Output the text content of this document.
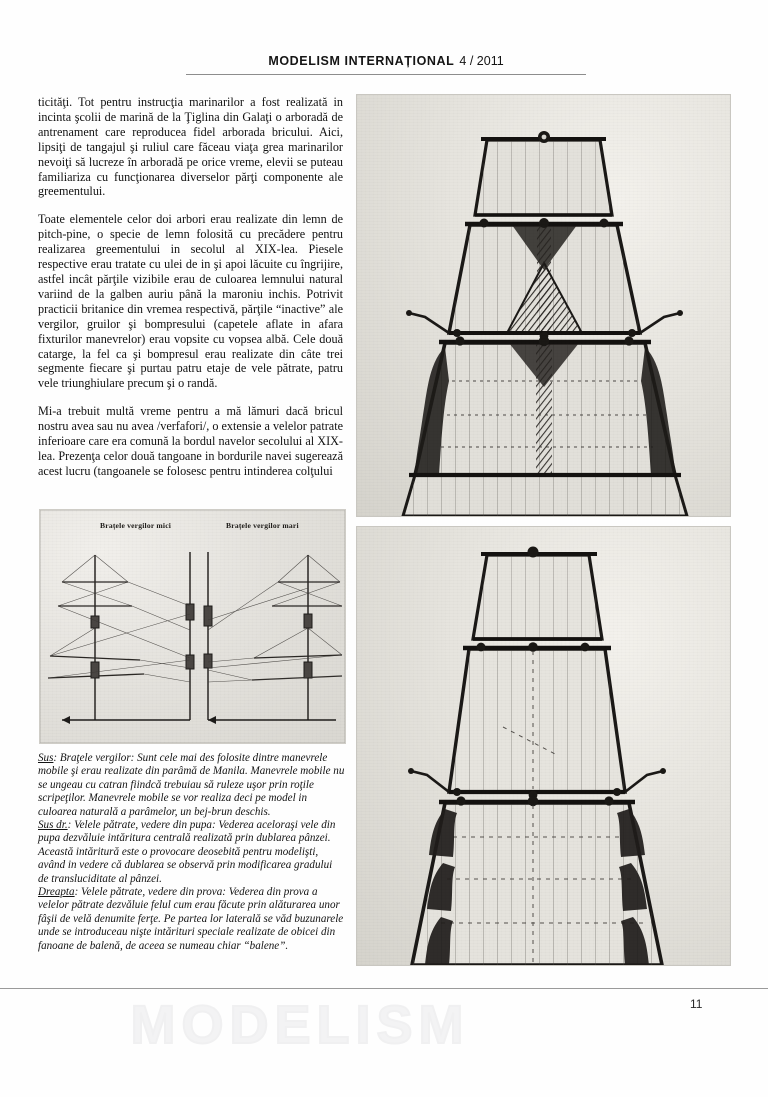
MODELISM INTERNAȚIONAL 4 / 2011

ticităţi. Tot pentru instrucţia marinarilor a fost realizată in incinta şcolii de marină de la Ţiglina din Galaţi o arboradă de antrenament care reproducea fidel arborada bricului. Aici, lipsiţi de tangajul şi ruliul care făceau viaţa grea marinarilor nevoiţi să lucreze în arboradă pe orice vreme, elevii se puteau familiariza cu funcţionarea diverselor părţi componente ale greementului.

Toate elementele celor doi arbori erau realizate din lemn de pitch-pine, o specie de lemn folosită cu precădere pentru realizarea greementului in secolul al XIX-lea. Piesele respective erau tratate cu ulei de in şi apoi lăcuite cu îngrijire, astfel incât părţile vizibile erau de culoarea lemnului natural variind de la galben auriu până la maroniu inchis. Potrivit practicii britanice din vremea respectivă, părţile “inactive” ale vergilor, gruilor şi bompresului (capetele aflate in afara fixturilor manevrelor) erau vopsite cu vopsea albă. Cele două catarge, la fel ca şi bompresul erau realizate din câte trei segmente fiecare şi purtau patru etaje de vele pătrate, patru vele triunghiulare precum şi o randă.

Mi-a trebuit multă vreme pentru a mă lămuri dacă bricul nostru avea sau nu avea /verfafori/, o extensie a velelor patrate inferioare care era comună la bordul navelor secolului al XIX-lea. Prezenţa celor două tangoane in bordurile navei sugerează acest lucru (tangoanele se folosesc pentru intinderea colţului

Brațele vergilor mici	Brațele vergilor mari

Sus: Braţele vergilor: Sunt cele mai des folosite dintre manevrele mobile şi erau realizate din parâmă de Manila. Manevrele mobile nu se ungeau cu catran fiindcă trebuiau să ruleze uşor prin roţile scripeţilor. Manevrele mobile se vor realiza deci pe model in culoarea naturală a parâmelor, un bej-brun deschis.

Sus dr.: Velele pătrate, vedere din pupa: Vederea aceloraşi vele din pupa dezvăluie intăritura centrală realizată prin dublarea pânzei. Această intăritură este o provocare deosebită pentru modelişti, având in vedere că dublarea se observă prin modificarea gradului de transluciditate al pânzei.

Dreapta: Velele pătrate, vedere din prova: Vederea din prova a velelor pătrate dezvăluie felul cum erau făcute prin alăturarea unor fâşii de velă denumite ferţe. Pe partea lor laterală se văd buzunarele unde se introduceau nişte intărituri speciale realizate de obicei din fanoane de balenă, de aceea se numeau chiar “balene”.

MODELISM	11
